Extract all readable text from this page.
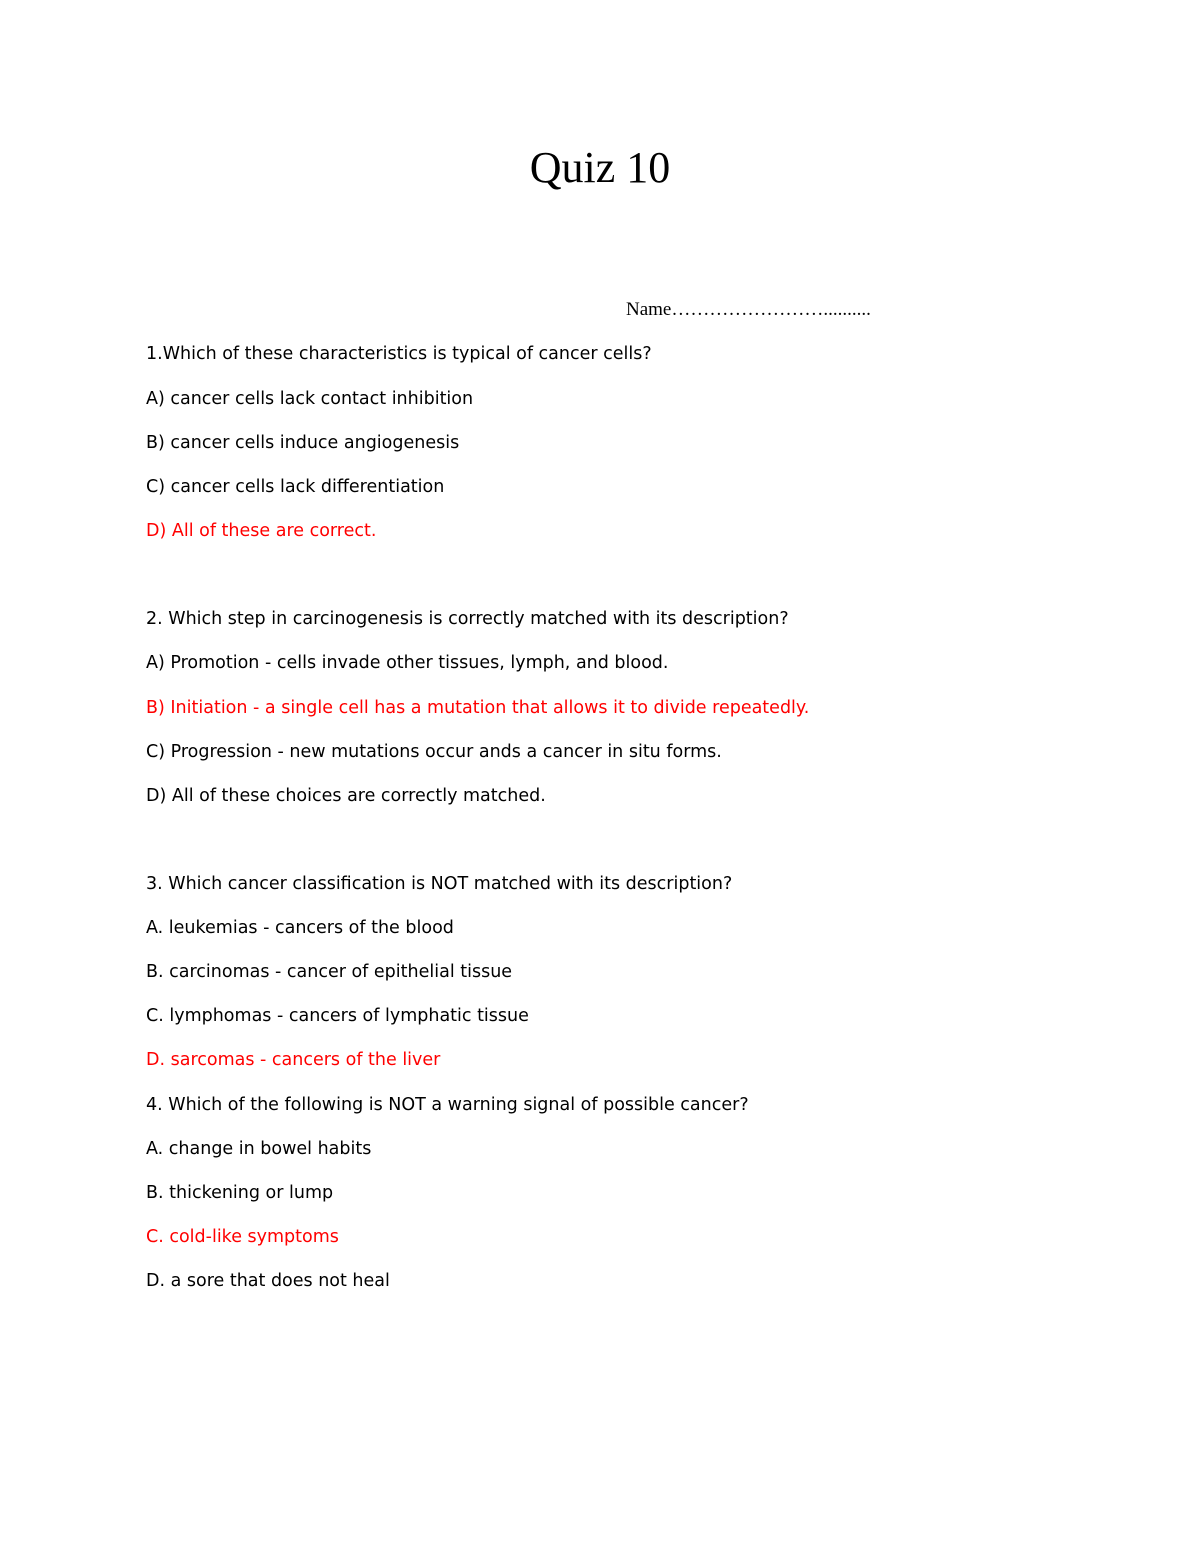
Quiz 10
Name……………………..........
1.Which of these characteristics is typical of cancer cells?
A) cancer cells lack contact inhibition
B) cancer cells induce angiogenesis
C) cancer cells lack differentiation
D) All of these are correct.
2. Which step in carcinogenesis is correctly matched with its description?
A) Promotion - cells invade other tissues, lymph, and blood.
B) Initiation - a single cell has a mutation that allows it to divide repeatedly.
C) Progression - new mutations occur ands a cancer in situ forms.
D) All of these choices are correctly matched.
3. Which cancer classification is NOT matched with its description?
A. leukemias - cancers of the blood
B. carcinomas - cancer of epithelial tissue
C. lymphomas - cancers of lymphatic tissue
D. sarcomas - cancers of the liver
4. Which of the following is NOT a warning signal of possible cancer?
A. change in bowel habits
B. thickening or lump
C. cold-like symptoms
D. a sore that does not heal
